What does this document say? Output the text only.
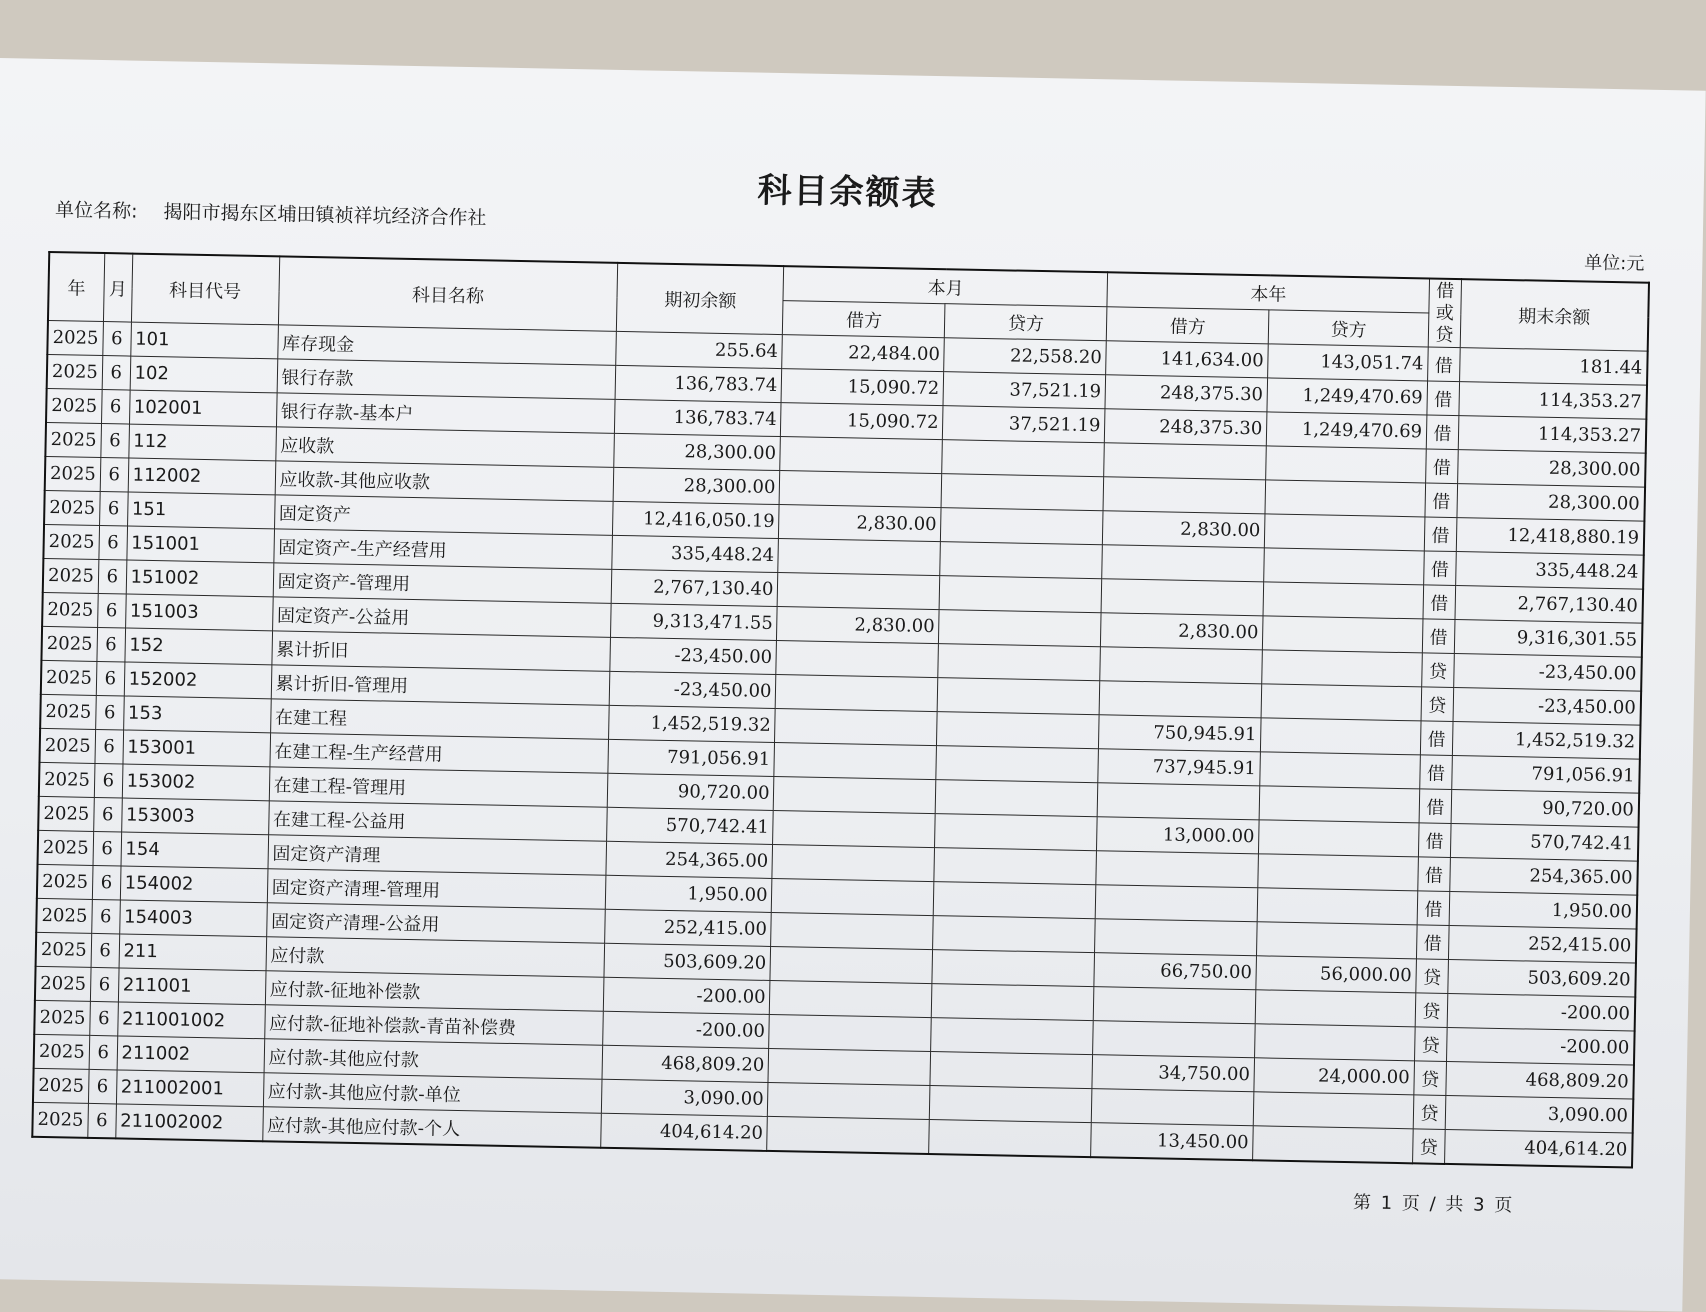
科目余额表
单位名称: 揭阳市揭东区埔田镇祯祥坑经济合作社
单位:元
年	月	科目代号	科目名称	期初余额	本月		本年		借或贷	期末余额
					借方	贷方	借方	贷方		
2025	6	101	库存现金	255.64	22,484.00	22,558.20	141,634.00	143,051.74	借	181.44
2025	6	102	银行存款	136,783.74	15,090.72	37,521.19	248,375.30	1,249,470.69	借	114,353.27
2025	6	102001	银行存款-基本户	136,783.74	15,090.72	37,521.19	248,375.30	1,249,470.69	借	114,353.27
2025	6	112	应收款	28,300.00					借	28,300.00
2025	6	112002	应收款-其他应收款	28,300.00					借	28,300.00
2025	6	151	固定资产	12,416,050.19	2,830.00		2,830.00		借	12,418,880.19
2025	6	151001	固定资产-生产经营用	335,448.24					借	335,448.24
2025	6	151002	固定资产-管理用	2,767,130.40					借	2,767,130.40
2025	6	151003	固定资产-公益用	9,313,471.55	2,830.00		2,830.00		借	9,316,301.55
2025	6	152	累计折旧	-23,450.00					贷	-23,450.00
2025	6	152002	累计折旧-管理用	-23,450.00					贷	-23,450.00
2025	6	153	在建工程	1,452,519.32			750,945.91		借	1,452,519.32
2025	6	153001	在建工程-生产经营用	791,056.91			737,945.91		借	791,056.91
2025	6	153002	在建工程-管理用	90,720.00					借	90,720.00
2025	6	153003	在建工程-公益用	570,742.41			13,000.00		借	570,742.41
2025	6	154	固定资产清理	254,365.00					借	254,365.00
2025	6	154002	固定资产清理-管理用	1,950.00					借	1,950.00
2025	6	154003	固定资产清理-公益用	252,415.00					借	252,415.00
2025	6	211	应付款	503,609.20			66,750.00	56,000.00	贷	503,609.20
2025	6	211001	应付款-征地补偿款	-200.00					贷	-200.00
2025	6	211001002	应付款-征地补偿款-青苗补偿费	-200.00					贷	-200.00
2025	6	211002	应付款-其他应付款	468,809.20			34,750.00	24,000.00	贷	468,809.20
2025	6	211002001	应付款-其他应付款-单位	3,090.00					贷	3,090.00
2025	6	211002002	应付款-其他应付款-个人	404,614.20			13,450.00		贷	404,614.20
第 1 页 / 共 3 页
